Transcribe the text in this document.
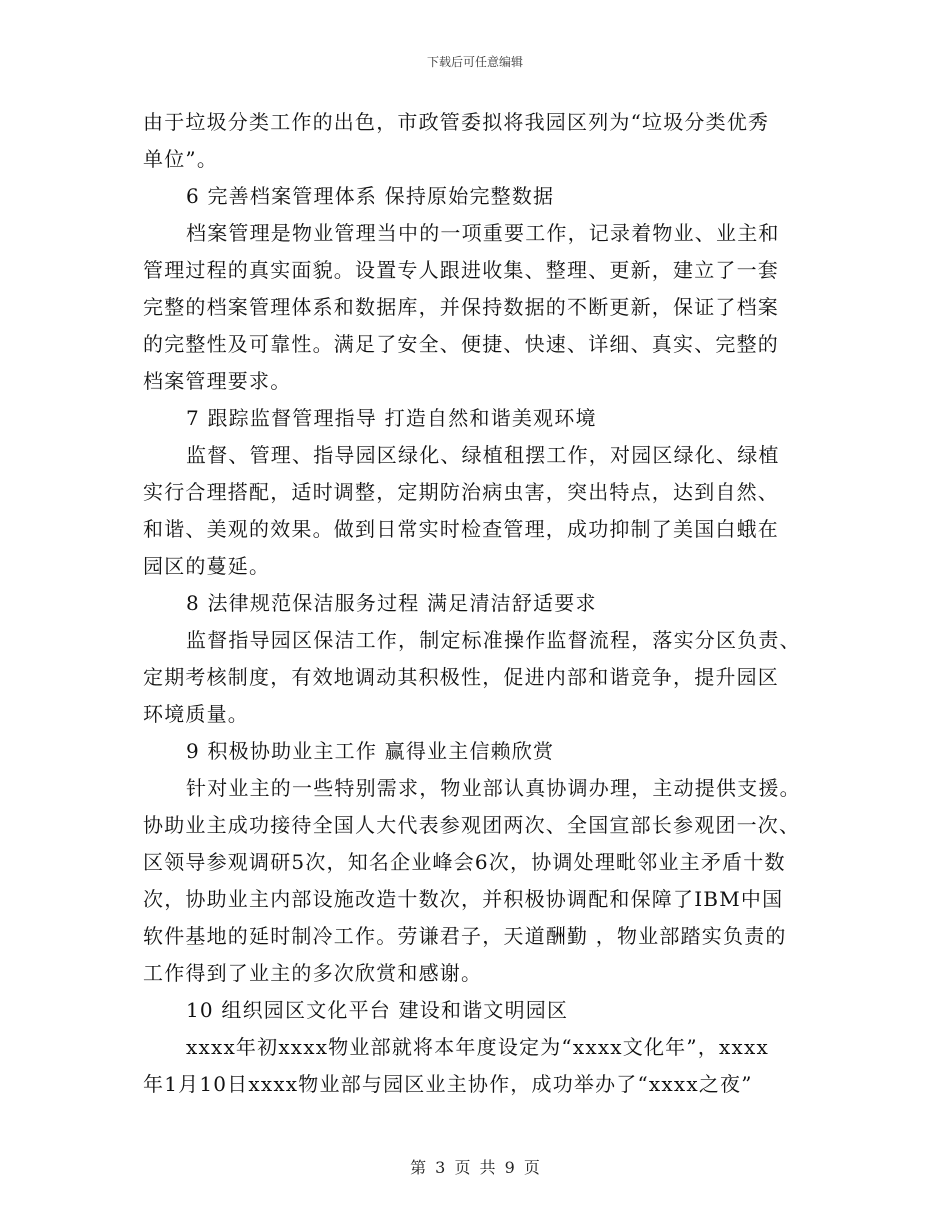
下载后可任意编辑
由于垃圾分类工作的出色，市政管委拟将我园区列为“垃圾分类优秀
单位”。
6 完善档案管理体系 保持原始完整数据
档案管理是物业管理当中的一项重要工作，记录着物业、业主和
管理过程的真实面貌。设置专人跟进收集、整理、更新，建立了一套
完整的档案管理体系和数据库，并保持数据的不断更新，保证了档案
的完整性及可靠性。满足了安全、便捷、快速、详细、真实、完整的
档案管理要求。
7 跟踪监督管理指导 打造自然和谐美观环境
监督、管理、指导园区绿化、绿植租摆工作，对园区绿化、绿植
实行合理搭配，适时调整，定期防治病虫害，突出特点，达到自然、
和谐、美观的效果。做到日常实时检查管理，成功抑制了美国白蛾在
园区的蔓延。
8 法律规范保洁服务过程 满足清洁舒适要求
监督指导园区保洁工作，制定标准操作监督流程，落实分区负责、
定期考核制度，有效地调动其积极性，促进内部和谐竞争，提升园区
环境质量。
9 积极协助业主工作 赢得业主信赖欣赏
针对业主的一些特别需求，物业部认真协调办理，主动提供支援。
协助业主成功接待全国人大代表参观团两次、全国宣部长参观团一次、
区领导参观调研5次，知名企业峰会6次，协调处理毗邻业主矛盾十数
次，协助业主内部设施改造十数次，并积极协调配和保障了IBM中国
软件基地的延时制冷工作。劳谦君子，天道酬勤 ，物业部踏实负责的
工作得到了业主的多次欣赏和感谢。
10 组织园区文化平台 建设和谐文明园区
xxxx年初xxxx物业部就将本年度设定为“xxxx文化年”，xxxx
年1月10日xxxx物业部与园区业主协作，成功举办了“xxxx之夜”
第 3 页 共 9 页
